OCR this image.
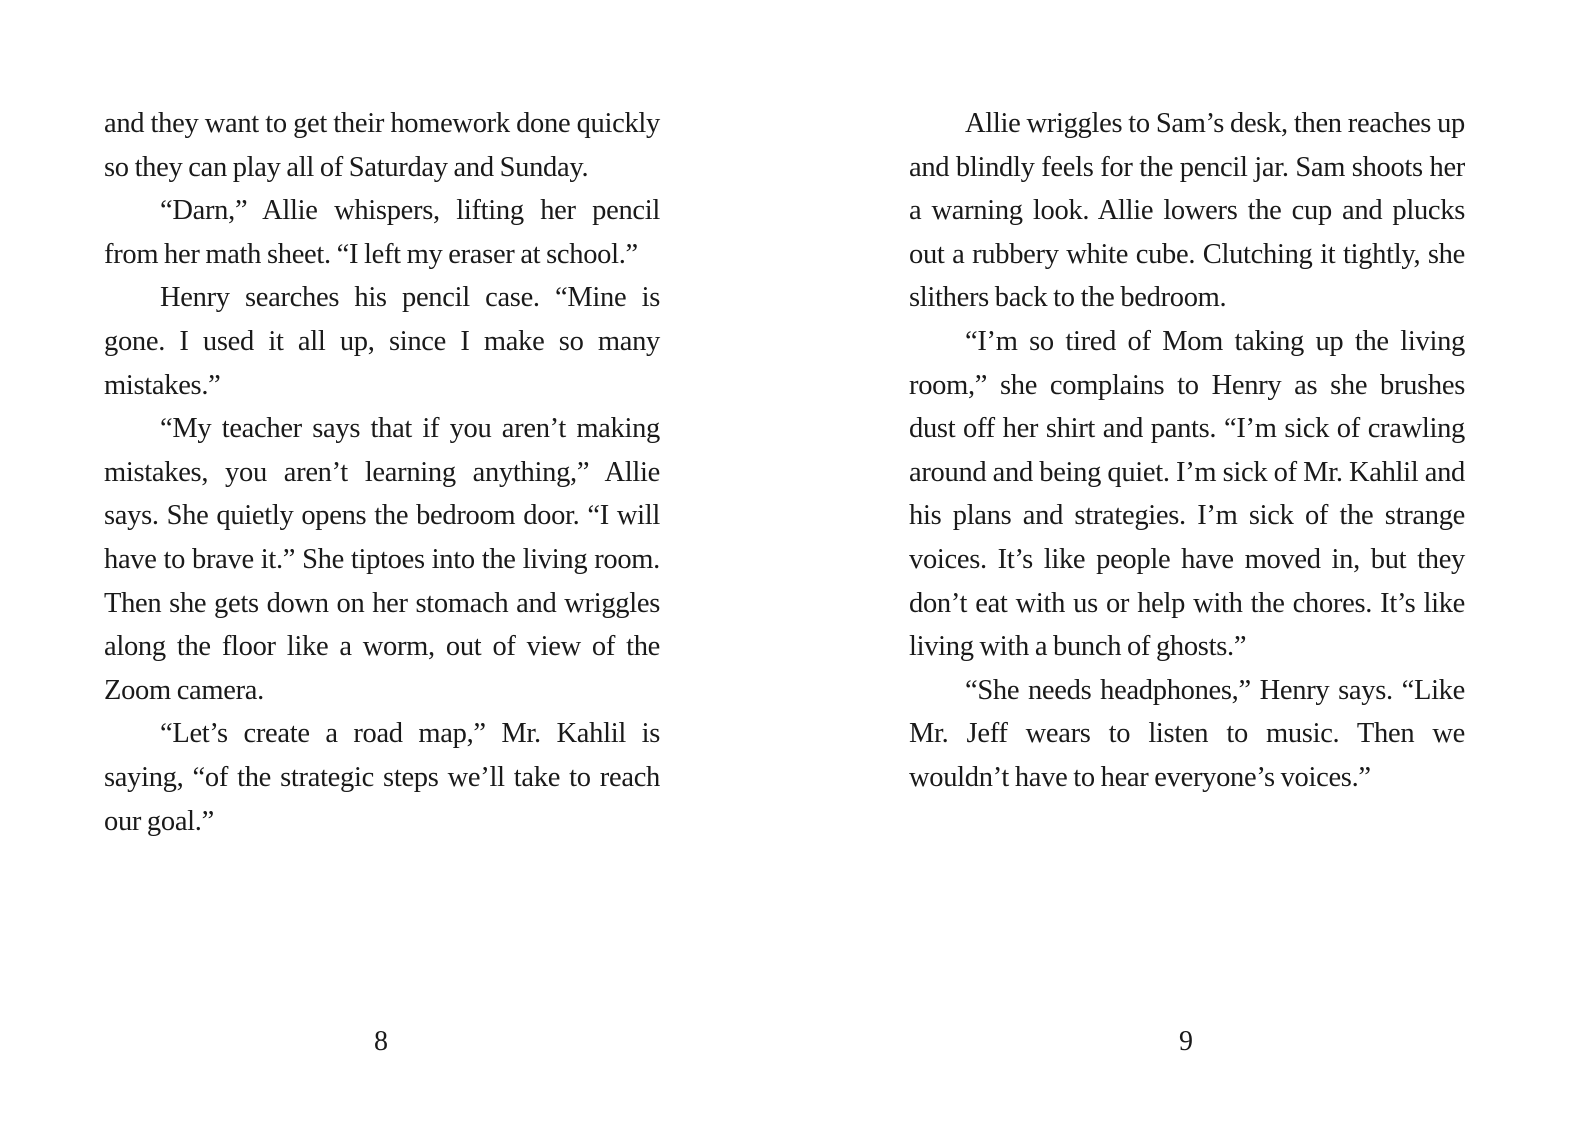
and they want to get their homework done quickly so they can play all of Saturday and Sunday.

“Darn,” Allie whispers, lifting her pencil from her math sheet. “I left my eraser at school.”

Henry searches his pencil case. “Mine is gone. I used it all up, since I make so many mistakes.”

“My teacher says that if you aren’t making mistakes, you aren’t learning anything,” Allie says. She quietly opens the bedroom door. “I will have to brave it.” She tiptoes into the living room. Then she gets down on her stomach and wriggles along the floor like a worm, out of view of the Zoom camera.

“Let’s create a road map,” Mr. Kahlil is saying, “of the strategic steps we’ll take to reach our goal.”

8

Allie wriggles to Sam’s desk, then reaches up and blindly feels for the pencil jar. Sam shoots her a warning look. Allie lowers the cup and plucks out a rubbery white cube. Clutching it tightly, she slithers back to the bedroom.

“I’m so tired of Mom taking up the living room,” she complains to Henry as she brushes dust off her shirt and pants. “I’m sick of crawling around and being quiet. I’m sick of Mr. Kahlil and his plans and strategies. I’m sick of the strange voices. It’s like people have moved in, but they don’t eat with us or help with the chores. It’s like living with a bunch of ghosts.”

“She needs headphones,” Henry says. “Like Mr. Jeff wears to listen to music. Then we wouldn’t have to hear everyone’s voices.”

9
